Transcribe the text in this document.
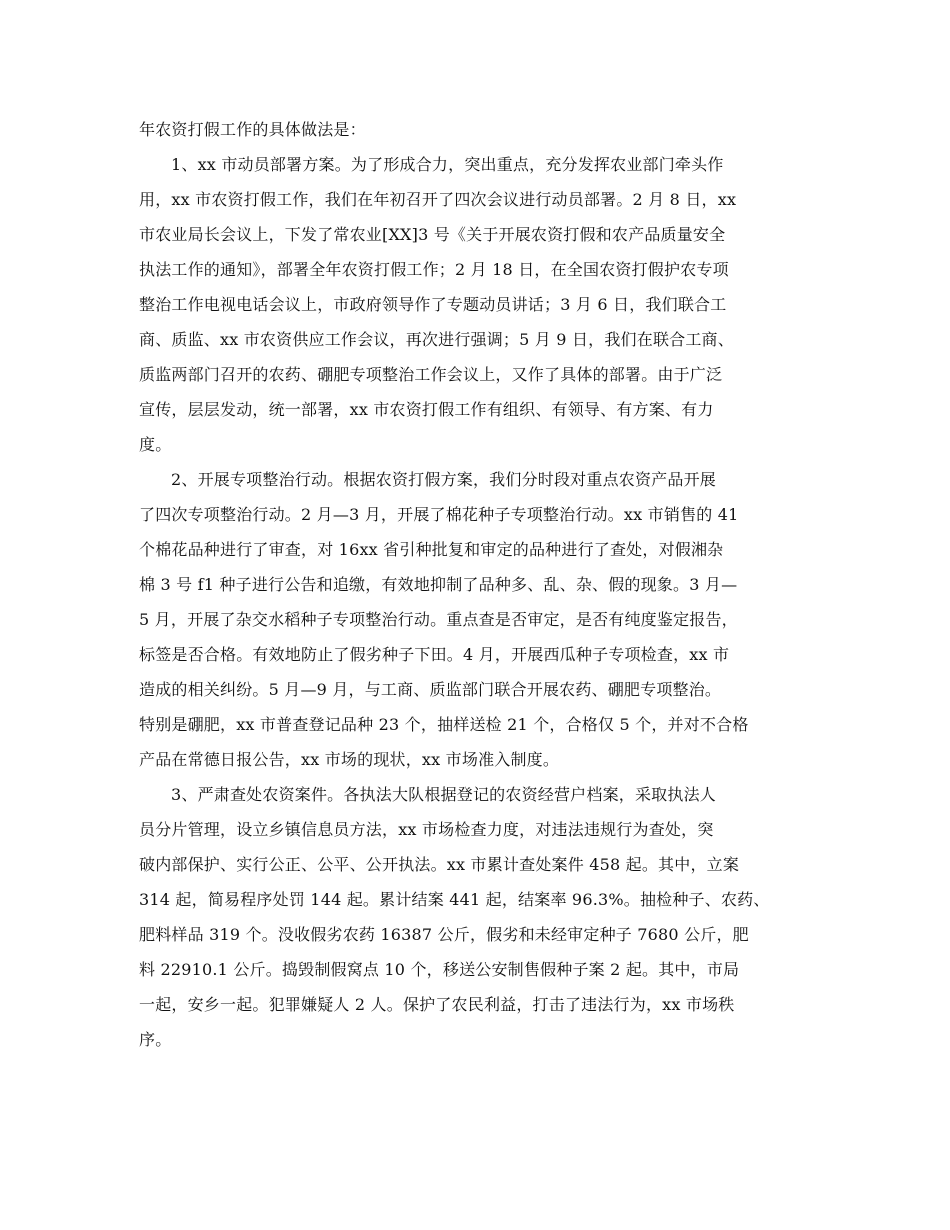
年农资打假工作的具体做法是：

1、xx 市动员部署方案。为了形成合力，突出重点，充分发挥农业部门牵头作

用，xx 市农资打假工作，我们在年初召开了四次会议进行动员部署。2 月 8 日，xx

市农业局长会议上，下发了常农业[XX]3 号《关于开展农资打假和农产品质量安全

执法工作的通知》，部署全年农资打假工作；2 月 18 日，在全国农资打假护农专项

整治工作电视电话会议上，市政府领导作了专题动员讲话；3 月 6 日，我们联合工

商、质监、xx 市农资供应工作会议，再次进行强调；5 月 9 日，我们在联合工商、

质监两部门召开的农药、硼肥专项整治工作会议上，又作了具体的部署。由于广泛

宣传，层层发动，统一部署，xx 市农资打假工作有组织、有领导、有方案、有力

度。

2、开展专项整治行动。根据农资打假方案，我们分时段对重点农资产品开展

了四次专项整治行动。2 月—3 月，开展了棉花种子专项整治行动。xx 市销售的 41

个棉花品种进行了审查，对 16xx 省引种批复和审定的品种进行了查处，对假湘杂

棉 3 号 f1 种子进行公告和追缴，有效地抑制了品种多、乱、杂、假的现象。3 月—

5 月，开展了杂交水稻种子专项整治行动。重点查是否审定，是否有纯度鉴定报告，

标签是否合格。有效地防止了假劣种子下田。4 月，开展西瓜种子专项检查，xx 市

造成的相关纠纷。5 月—9 月，与工商、质监部门联合开展农药、硼肥专项整治。

特别是硼肥，xx 市普查登记品种 23 个，抽样送检 21 个，合格仅 5 个，并对不合格

产品在常德日报公告，xx 市场的现状，xx 市场准入制度。

3、严肃查处农资案件。各执法大队根据登记的农资经营户档案，采取执法人

员分片管理，设立乡镇信息员方法，xx 市场检查力度，对违法违规行为查处，突

破内部保护、实行公正、公平、公开执法。xx 市累计查处案件 458 起。其中，立案

314 起，简易程序处罚 144 起。累计结案 441 起，结案率 96.3%。抽检种子、农药、

肥料样品 319 个。没收假劣农药 16387 公斤，假劣和未经审定种子 7680 公斤，肥

料 22910.1 公斤。捣毁制假窝点 10 个，移送公安制售假种子案 2 起。其中，市局

一起，安乡一起。犯罪嫌疑人 2 人。保护了农民利益，打击了违法行为，xx 市场秩

序。
